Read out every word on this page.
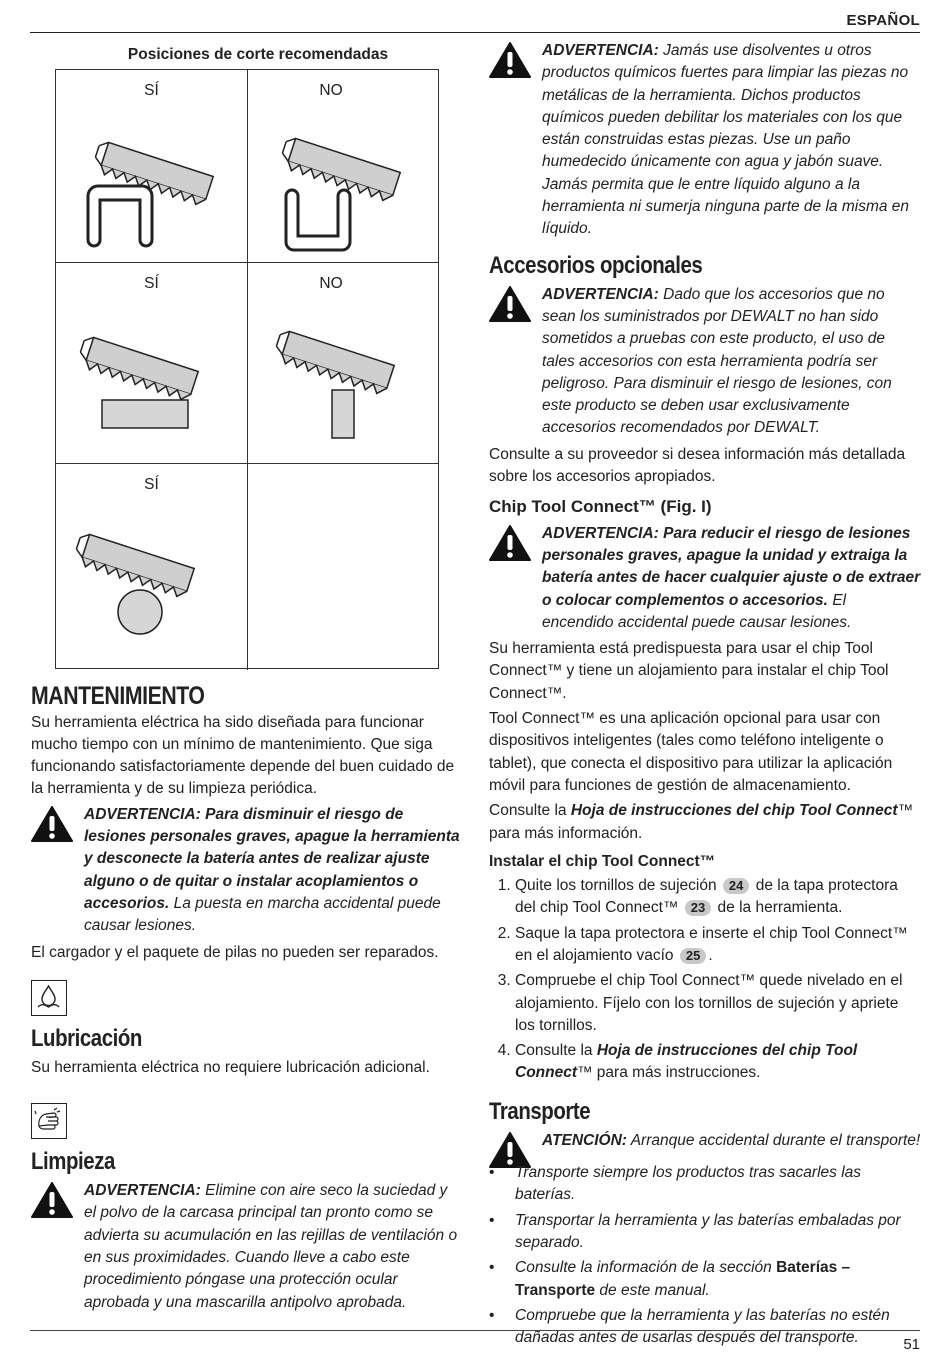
ESPAÑOL
Posiciones de corte recomendadas
SÍ	NO
SÍ	NO
SÍ
MANTENIMIENTO

Su herramienta eléctrica ha sido diseñada para funcionar mucho tiempo con un mínimo de mantenimiento. Que siga funcionando satisfactoriamente depende del buen cuidado de la herramienta y de su limpieza periódica.

ADVERTENCIA: Para disminuir el riesgo de lesiones personales graves, apague la herramienta y desconecte la batería antes de realizar ajuste alguno o de quitar o instalar acoplamientos o accesorios. La puesta en marcha accidental puede causar lesiones.

El cargador y el paquete de pilas no pueden ser reparados.

Lubricación

Su herramienta eléctrica no requiere lubricación adicional.

Limpieza
ADVERTENCIA: Elimine con aire seco la suciedad y el polvo de la carcasa principal tan pronto como se advierta su acumulación en las rejillas de ventilación o en sus proximidades. Cuando lleve a cabo este procedimiento póngase una protección ocular aprobada y una mascarilla antipolvo aprobada.
ADVERTENCIA: Jamás use disolventes u otros productos químicos fuertes para limpiar las piezas no metálicas de la herramienta. Dichos productos químicos pueden debilitar los materiales con los que están construidas estas piezas. Use un paño humedecido únicamente con agua y jabón suave. Jamás permita que le entre líquido alguno a la herramienta ni sumerja ninguna parte de la misma en líquido.
Accesorios opcionales
ADVERTENCIA: Dado que los accesorios que no sean los suministrados por DEWALT no han sido sometidos a pruebas con este producto, el uso de tales accesorios con esta herramienta podría ser peligroso. Para disminuir el riesgo de lesiones, con este producto se deben usar exclusivamente accesorios recomendados por DEWALT.

Consulte a su proveedor si desea información más detallada sobre los accesorios apropiados.

Chip Tool Connect™ (Fig. I)
ADVERTENCIA: Para reducir el riesgo de lesiones personales graves, apague la unidad y extraiga la batería antes de hacer cualquier ajuste o de extraer o colocar complementos o accesorios. El encendido accidental puede causar lesiones.

Su herramienta está predispuesta para usar el chip Tool Connect™ y tiene un alojamiento para instalar el chip Tool Connect™.

Tool Connect™ es una aplicación opcional para usar con dispositivos inteligentes (tales como teléfono inteligente o tablet), que conecta el dispositivo para utilizar la aplicación móvil para funciones de gestión de almacenamiento.

Consulte la Hoja de instrucciones del chip Tool Connect™ para más información.

Instalar el chip Tool Connect™
1. Quite los tornillos de sujeción 24 de la tapa protectora del chip Tool Connect™ 23 de la herramienta.
2. Saque la tapa protectora e inserte el chip Tool Connect™ en el alojamiento vacío 25 .
3. Compruebe el chip Tool Connect™ quede nivelado en el alojamiento. Fíjelo con los tornillos de sujeción y apriete los tornillos.
4. Consulte la Hoja de instrucciones del chip Tool Connect™ para más instrucciones.
Transporte
ATENCIÓN: Arranque accidental durante el transporte!
• Transporte siempre los productos tras sacarles las baterías.
• Transportar la herramienta y las baterías embaladas por separado.
• Consulte la información de la sección Baterías – Transporte de este manual.
• Compruebe que la herramienta y las baterías no estén dañadas antes de usarlas después del transporte.	51
